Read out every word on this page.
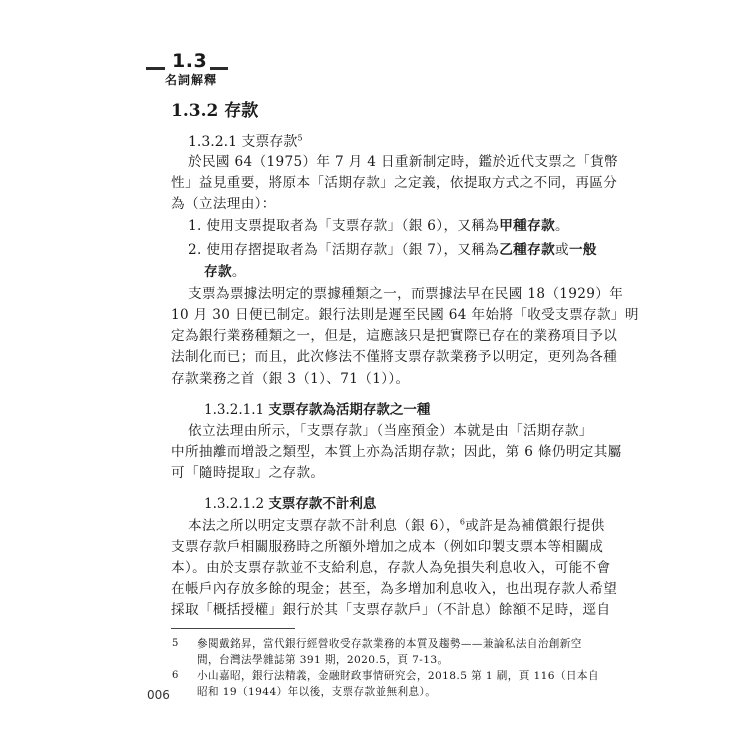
1.3
名詞解釋
1.3.2 存款
1.3.2.1 支票存款$^5$
於民國 64（1975）年 7 月 4 日重新制定時，鑑於近代支票之「貨幣
性」益見重要，將原本「活期存款」之定義，依提取方式之不同，再區分
為（立法理由）：
1. 使用支票提取者為「支票存款」（銀 6），又稱為甲種存款。
2. 使用存摺提取者為「活期存款」（銀 7），又稱為乙種存款或一般
存款。
支票為票據法明定的票據種類之一，而票據法早在民國 18（1929）年
10 月 30 日便已制定。銀行法則是遲至民國 64 年始將「收受支票存款」明
定為銀行業務種類之一，但是，這應該只是把實際已存在的業務項目予以
法制化而已；而且，此次修法不僅將支票存款業務予以明定，更列為各種
存款業務之首（銀 3（1）、71（1））。
1.3.2.1.1 支票存款為活期存款之一種
依立法理由所示，「支票存款」（当座預金）本就是由「活期存款」
中所抽離而增設之類型，本質上亦為活期存款；因此，第 6 條仍明定其屬
可「隨時提取」之存款。
1.3.2.1.2 支票存款不計利息
本法之所以明定支票存款不計利息（銀 6），$^6$或許是為補償銀行提供
支票存款戶相關服務時之所額外增加之成本（例如印製支票本等相關成
本）。由於支票存款並不支給利息，存款人為免損失利息收入，可能不會
在帳戶內存放多餘的現金；甚至，為多增加利息收入，也出現存款人希望
採取「概括授權」銀行於其「支票存款戶」（不計息）餘額不足時，逕自
5 參閱戴銘昇，當代銀行經營收受存款業務的本質及趨勢——兼論私法自治創新空
間，台灣法學雜誌第 391 期，2020.5，頁 7-13。
6 小山嘉昭，銀行法精義，金融財政事情研究会，2018.5 第 1 刷，頁 116（日本自
昭和 19（1944）年以後，支票存款並無利息）。
006
